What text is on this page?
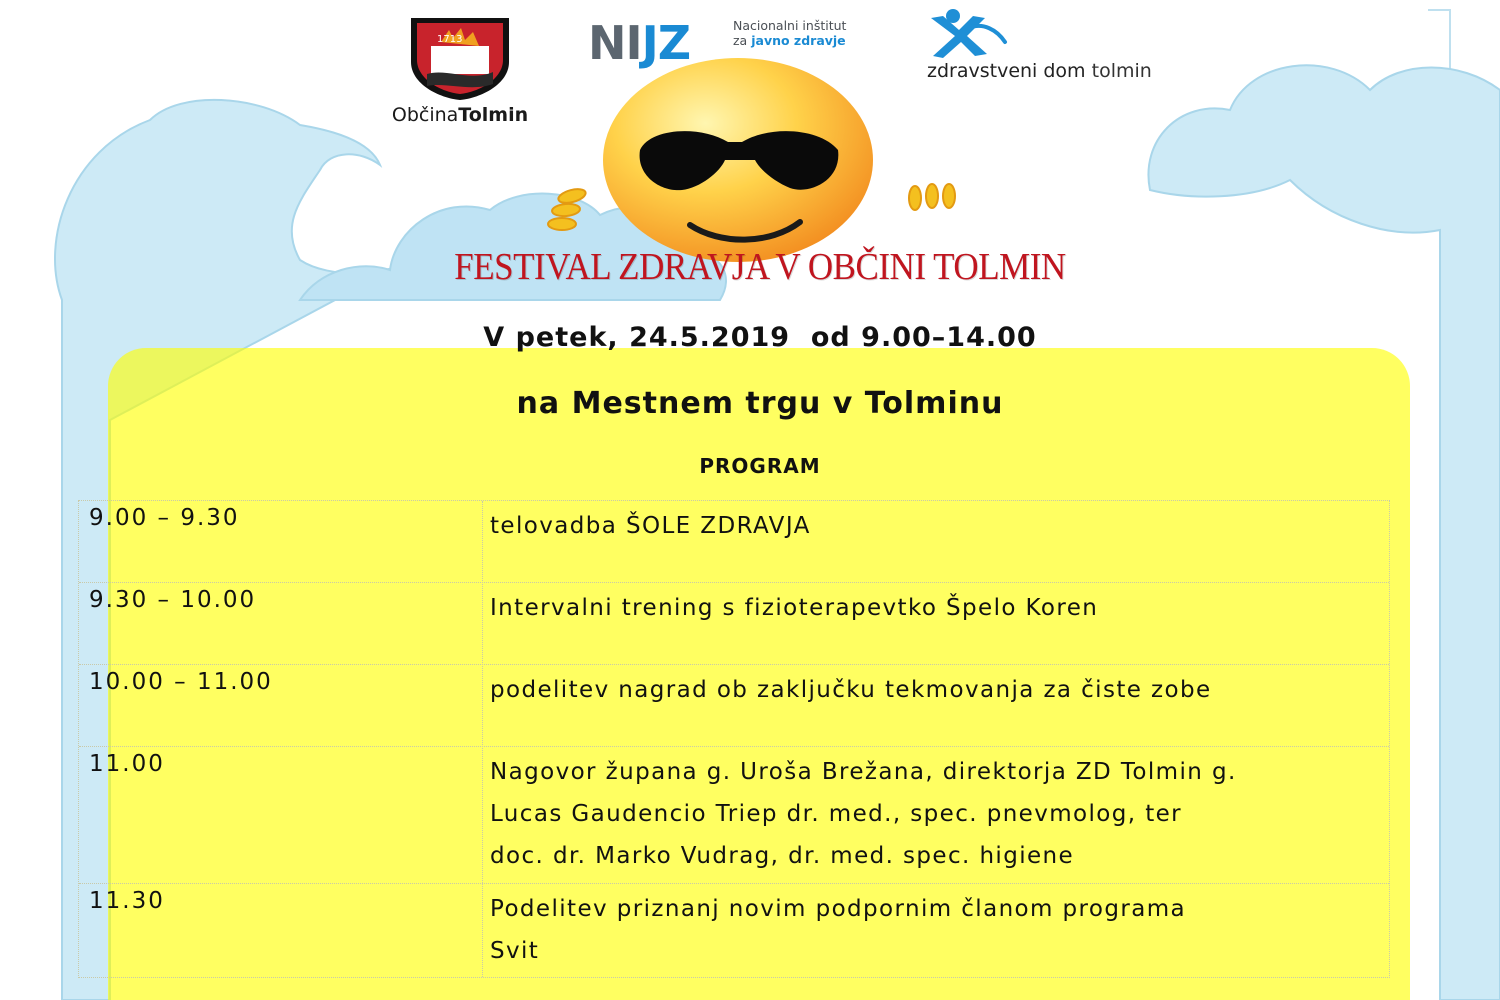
1713
ObčinaTolmin
NIJZ	Nacionalni inštitut
za javno zdravje
zdravstveni dom tolmin
FESTIVAL ZDRAVJA V OBČINI TOLMIN
V petek, 24.5.2019  od 9.00–14.00
na Mestnem trgu v Tolminu
PROGRAM
9.00 – 9.30	telovadba ŠOLE ZDRAVJA
9.30 – 10.00	Intervalni trening s fizioterapevtko Špelo Koren
10.00 – 11.00	podelitev nagrad ob zaključku tekmovanja za čiste zobe
11.00	Nagovor župana g. Uroša Brežana, direktorja ZD Tolmin g.
Lucas Gaudencio Triep dr. med., spec. pnevmolog, ter
doc. dr. Marko Vudrag, dr. med. spec. higiene
11.30	Podelitev priznanj novim podpornim članom programa
Svit
